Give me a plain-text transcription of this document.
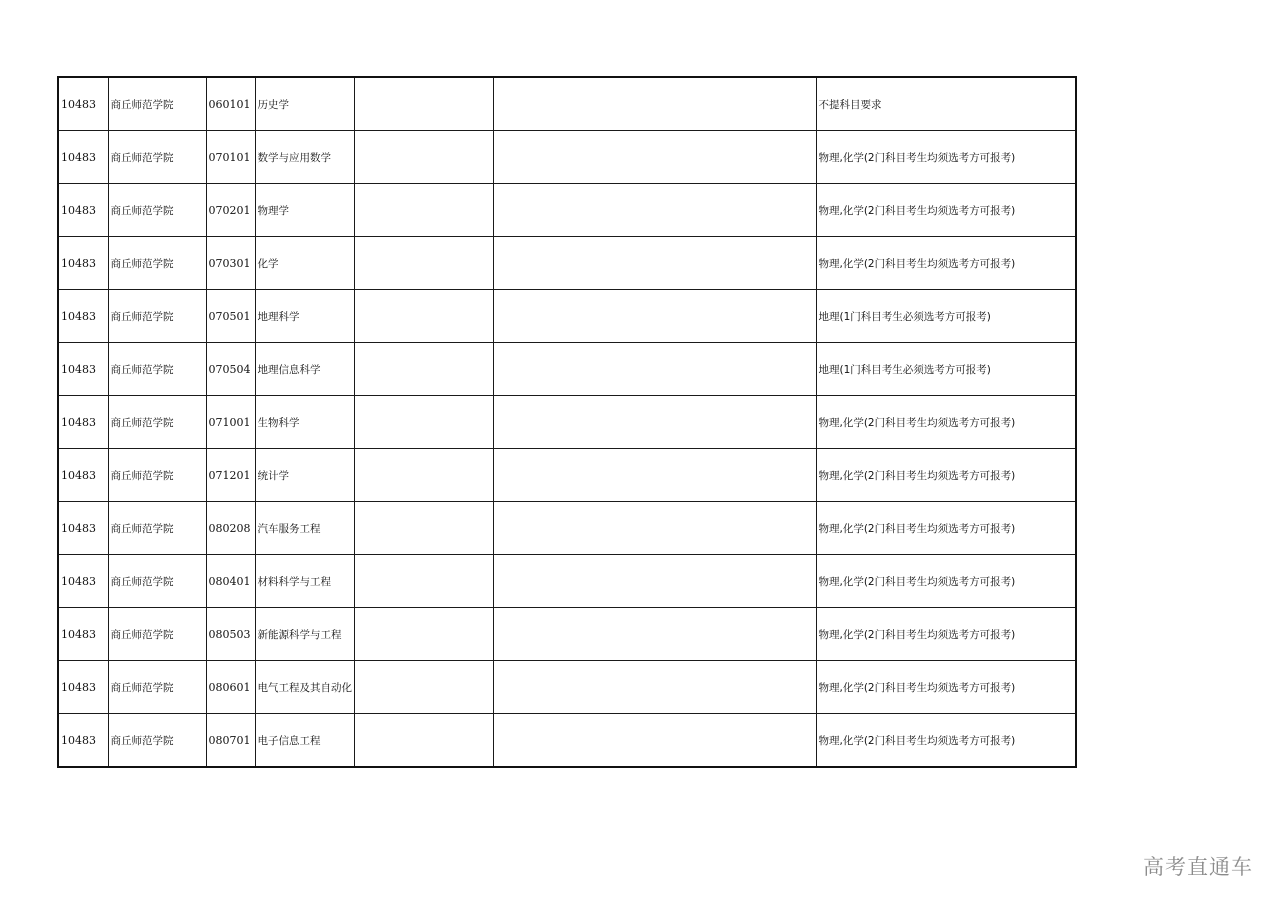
10483	商丘师范学院	060101	历史学			不提科目要求
10483	商丘师范学院	070101	数学与应用数学			物理,化学(2门科目考生均须选考方可报考)
10483	商丘师范学院	070201	物理学			物理,化学(2门科目考生均须选考方可报考)
10483	商丘师范学院	070301	化学			物理,化学(2门科目考生均须选考方可报考)
10483	商丘师范学院	070501	地理科学			地理(1门科目考生必须选考方可报考)
10483	商丘师范学院	070504	地理信息科学			地理(1门科目考生必须选考方可报考)
10483	商丘师范学院	071001	生物科学			物理,化学(2门科目考生均须选考方可报考)
10483	商丘师范学院	071201	统计学			物理,化学(2门科目考生均须选考方可报考)
10483	商丘师范学院	080208	汽车服务工程			物理,化学(2门科目考生均须选考方可报考)
10483	商丘师范学院	080401	材料科学与工程			物理,化学(2门科目考生均须选考方可报考)
10483	商丘师范学院	080503	新能源科学与工程			物理,化学(2门科目考生均须选考方可报考)
10483	商丘师范学院	080601	电气工程及其自动化			物理,化学(2门科目考生均须选考方可报考)
10483	商丘师范学院	080701	电子信息工程			物理,化学(2门科目考生均须选考方可报考)
高考直通车
